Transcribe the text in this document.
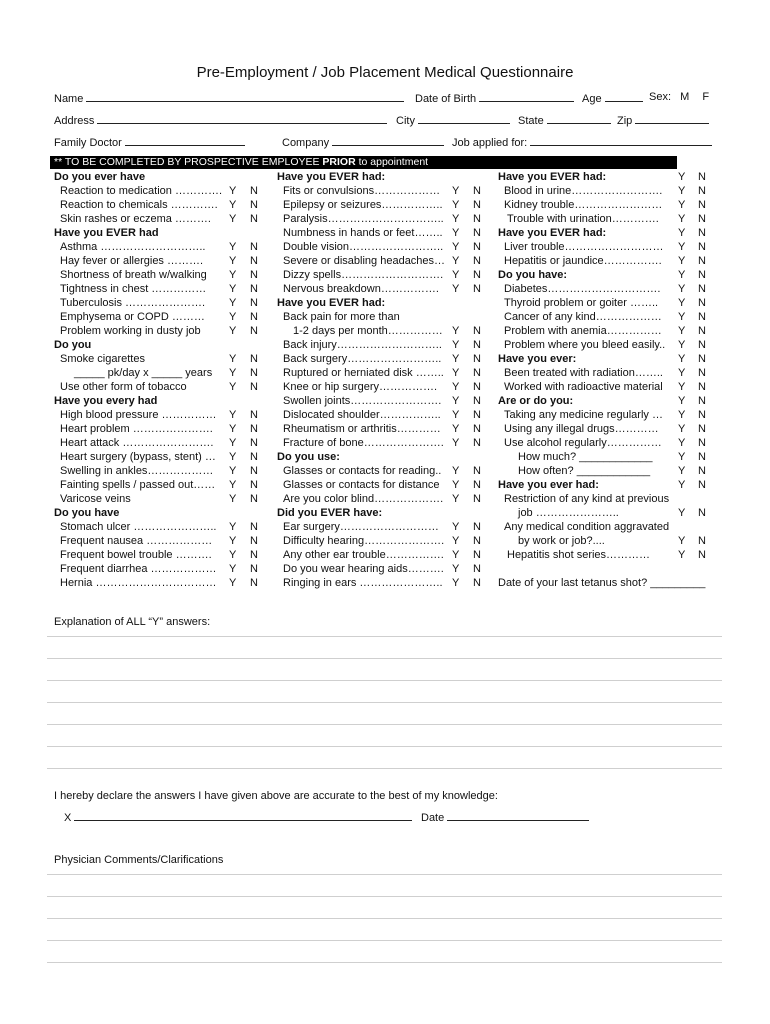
Pre-Employment / Job Placement Medical Questionnaire
Name	Date of Birth	Age	Sex: M F
Address	City	State	Zip
Family Doctor	Company	Job applied for:
** TO BE COMPLETED BY PROSPECTIVE EMPLOYEE PRIOR to appointment
Do you ever have
Reaction to medication …………. Y N
Reaction to chemicals …………. Y N
Skin rashes or eczema ………. Y N
Have you EVER had
Asthma ……………………….. Y N
Hay fever or allergies ………. Y N
Shortness of breath w/walking Y N
Tightness in chest …………… Y N
Tuberculosis …………………. Y N
Emphysema or COPD ……… Y N
Problem working in dusty job	Y N
Do you
Smoke cigarettes	Y N
_____ pk/day x _____ years Y N
Use other form of tobacco	Y N
Have you every had
High blood pressure …………… Y N
Heart problem …………………. Y N
Heart attack ……………………. Y N
Heart surgery (bypass, stent) … Y N
Swelling in ankles……………… Y N
Fainting spells / passed out…… Y N
Varicose veins	Y N
Do you have
Stomach ulcer ………………….. Y N
Frequent nausea ……………… Y N
Frequent bowel trouble ………. Y N
Frequent diarrhea ……………… Y N
Hernia …………………………… Y N
Have you EVER had:
Fits or convulsions……………… Y N
Epilepsy or seizures…………….. Y N
Paralysis………………………….. Y N
Numbness in hands or feet…….. Y N
Double vision…………………….. Y N
Severe or disabling headaches… Y N
Dizzy spells………………………. Y N
Nervous breakdown……………. Y N
Have you EVER had:
Back pain for more than
1-2 days per month…………… Y N
Back injury……………………….. Y N
Back surgery…………………….. Y N
Ruptured or herniated disk …….. Y N
Knee or hip surgery……………. Y N
Swollen joints……………………. Y N
Dislocated shoulder…………….. Y N
Rheumatism or arthritis………… Y N
Fracture of bone…………………. Y N
Do you use:
Glasses or contacts for reading.. Y N
Glasses or contacts for distance Y N
Are you color blind………………. Y N
Did you EVER have:
Ear surgery……………………… Y N
Difficulty hearing…………………. Y N
Any other ear trouble……………. Y N
Do you wear hearing aids………. Y N
Ringing in ears ………………….. Y N
Have you EVER had:	Y N
Blood in urine……………………. Y N
Kidney trouble…………………… Y N
Trouble with urination…………. Y N
Have you EVER had:	Y N
Liver trouble……………………… Y N
Hepatitis or jaundice……………. Y N
Do you have:	Y N
Diabetes…………………………. Y N
Thyroid problem or goiter …….. Y N
Cancer of any kind……………… Y N
Problem with anemia…………… Y N
Problem where you bleed easily.. Y N
Have you ever:	Y N
Been treated with radiation…….. Y N
Worked with radioactive material Y N
Are or do you:	Y N
Taking any medicine regularly … Y N
Using any illegal drugs………… Y N
Use alcohol regularly…………… Y N
How much? ____________ Y N
How often? ____________	Y N
Have you ever had:	Y N
Restriction of any kind at previous
job …………………..	Y N
Any medical condition aggravated
by work or job?....	Y N
Hepatitis shot series…………	Y N
Date of your last tetanus shot? _________
Explanation of ALL “Y” answers:
I hereby declare the answers I have given above are accurate to the best of my knowledge:
X	Date
Physician Comments/Clarifications
